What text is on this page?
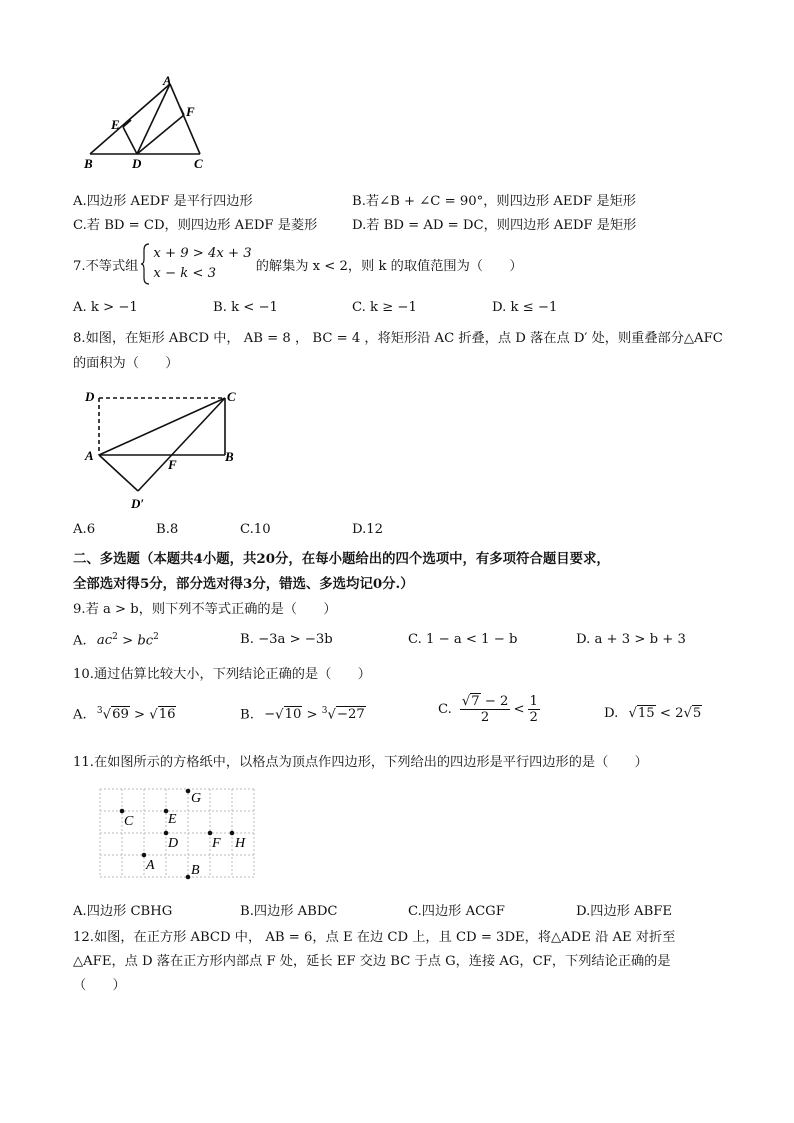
A
E
F
B	D	C
A.四边形 AEDF 是平行四边形	B.若∠B + ∠C = 90°，则四边形 AEDF 是矩形
C.若 BD = CD，则四边形 AEDF 是菱形	D.若 BD = AD = DC，则四边形 AEDF 是矩形
7.不等式组
x + 9 > 4x + 3
x − k < 3	的解集为 x < 2，则 k 的取值范围为（　　）
A. k > −1	B. k < −1	C. k ≥ −1	D. k ≤ −1
8.如图，在矩形 ABCD 中， AB = 8 ， BC = 4 ，将矩形沿 AC 折叠，点 D 落在点 D′ 处，则重叠部分△AFC
的面积为（　　）
D	C
A
F
B
D′
A.6	B.8	C.10	D.12
二、多选题（本题共4小题，共20分，在每小题给出的四个选项中，有多项符合题目要求，
全部选对得5分，部分选对得3分，错选、多选均记0分.）
9.若 a > b，则下列不等式正确的是（　　）
A. $ac^2 > bc^2$	B. −3a > −3b	C. 1 − a < 1 − b	D. a + 3 > b + 3
10.通过估算比较大小，下列结论正确的是（　　）
A. $^3$√69 > √16	B. −√10 > $^3$√−27	C. $\frac{√7 - 2}{2} < \frac{1}{2}$	D. √15 < 2√5
11.在如图所示的方格纸中，以格点为顶点作四边形，下列给出的四边形是平行四边形的是（　　）
G
C E
D F H
A	B
A.四边形 CBHG	B.四边形 ABDC	C.四边形 ACGF	D.四边形 ABFE
12.如图，在正方形 ABCD 中， AB = 6，点 E 在边 CD 上，且 CD = 3DE，将△ADE 沿 AE 对折至
△AFE，点 D 落在正方形内部点 F 处，延长 EF 交边 BC 于点 G，连接 AG，CF，下列结论正确的是
（　　）
